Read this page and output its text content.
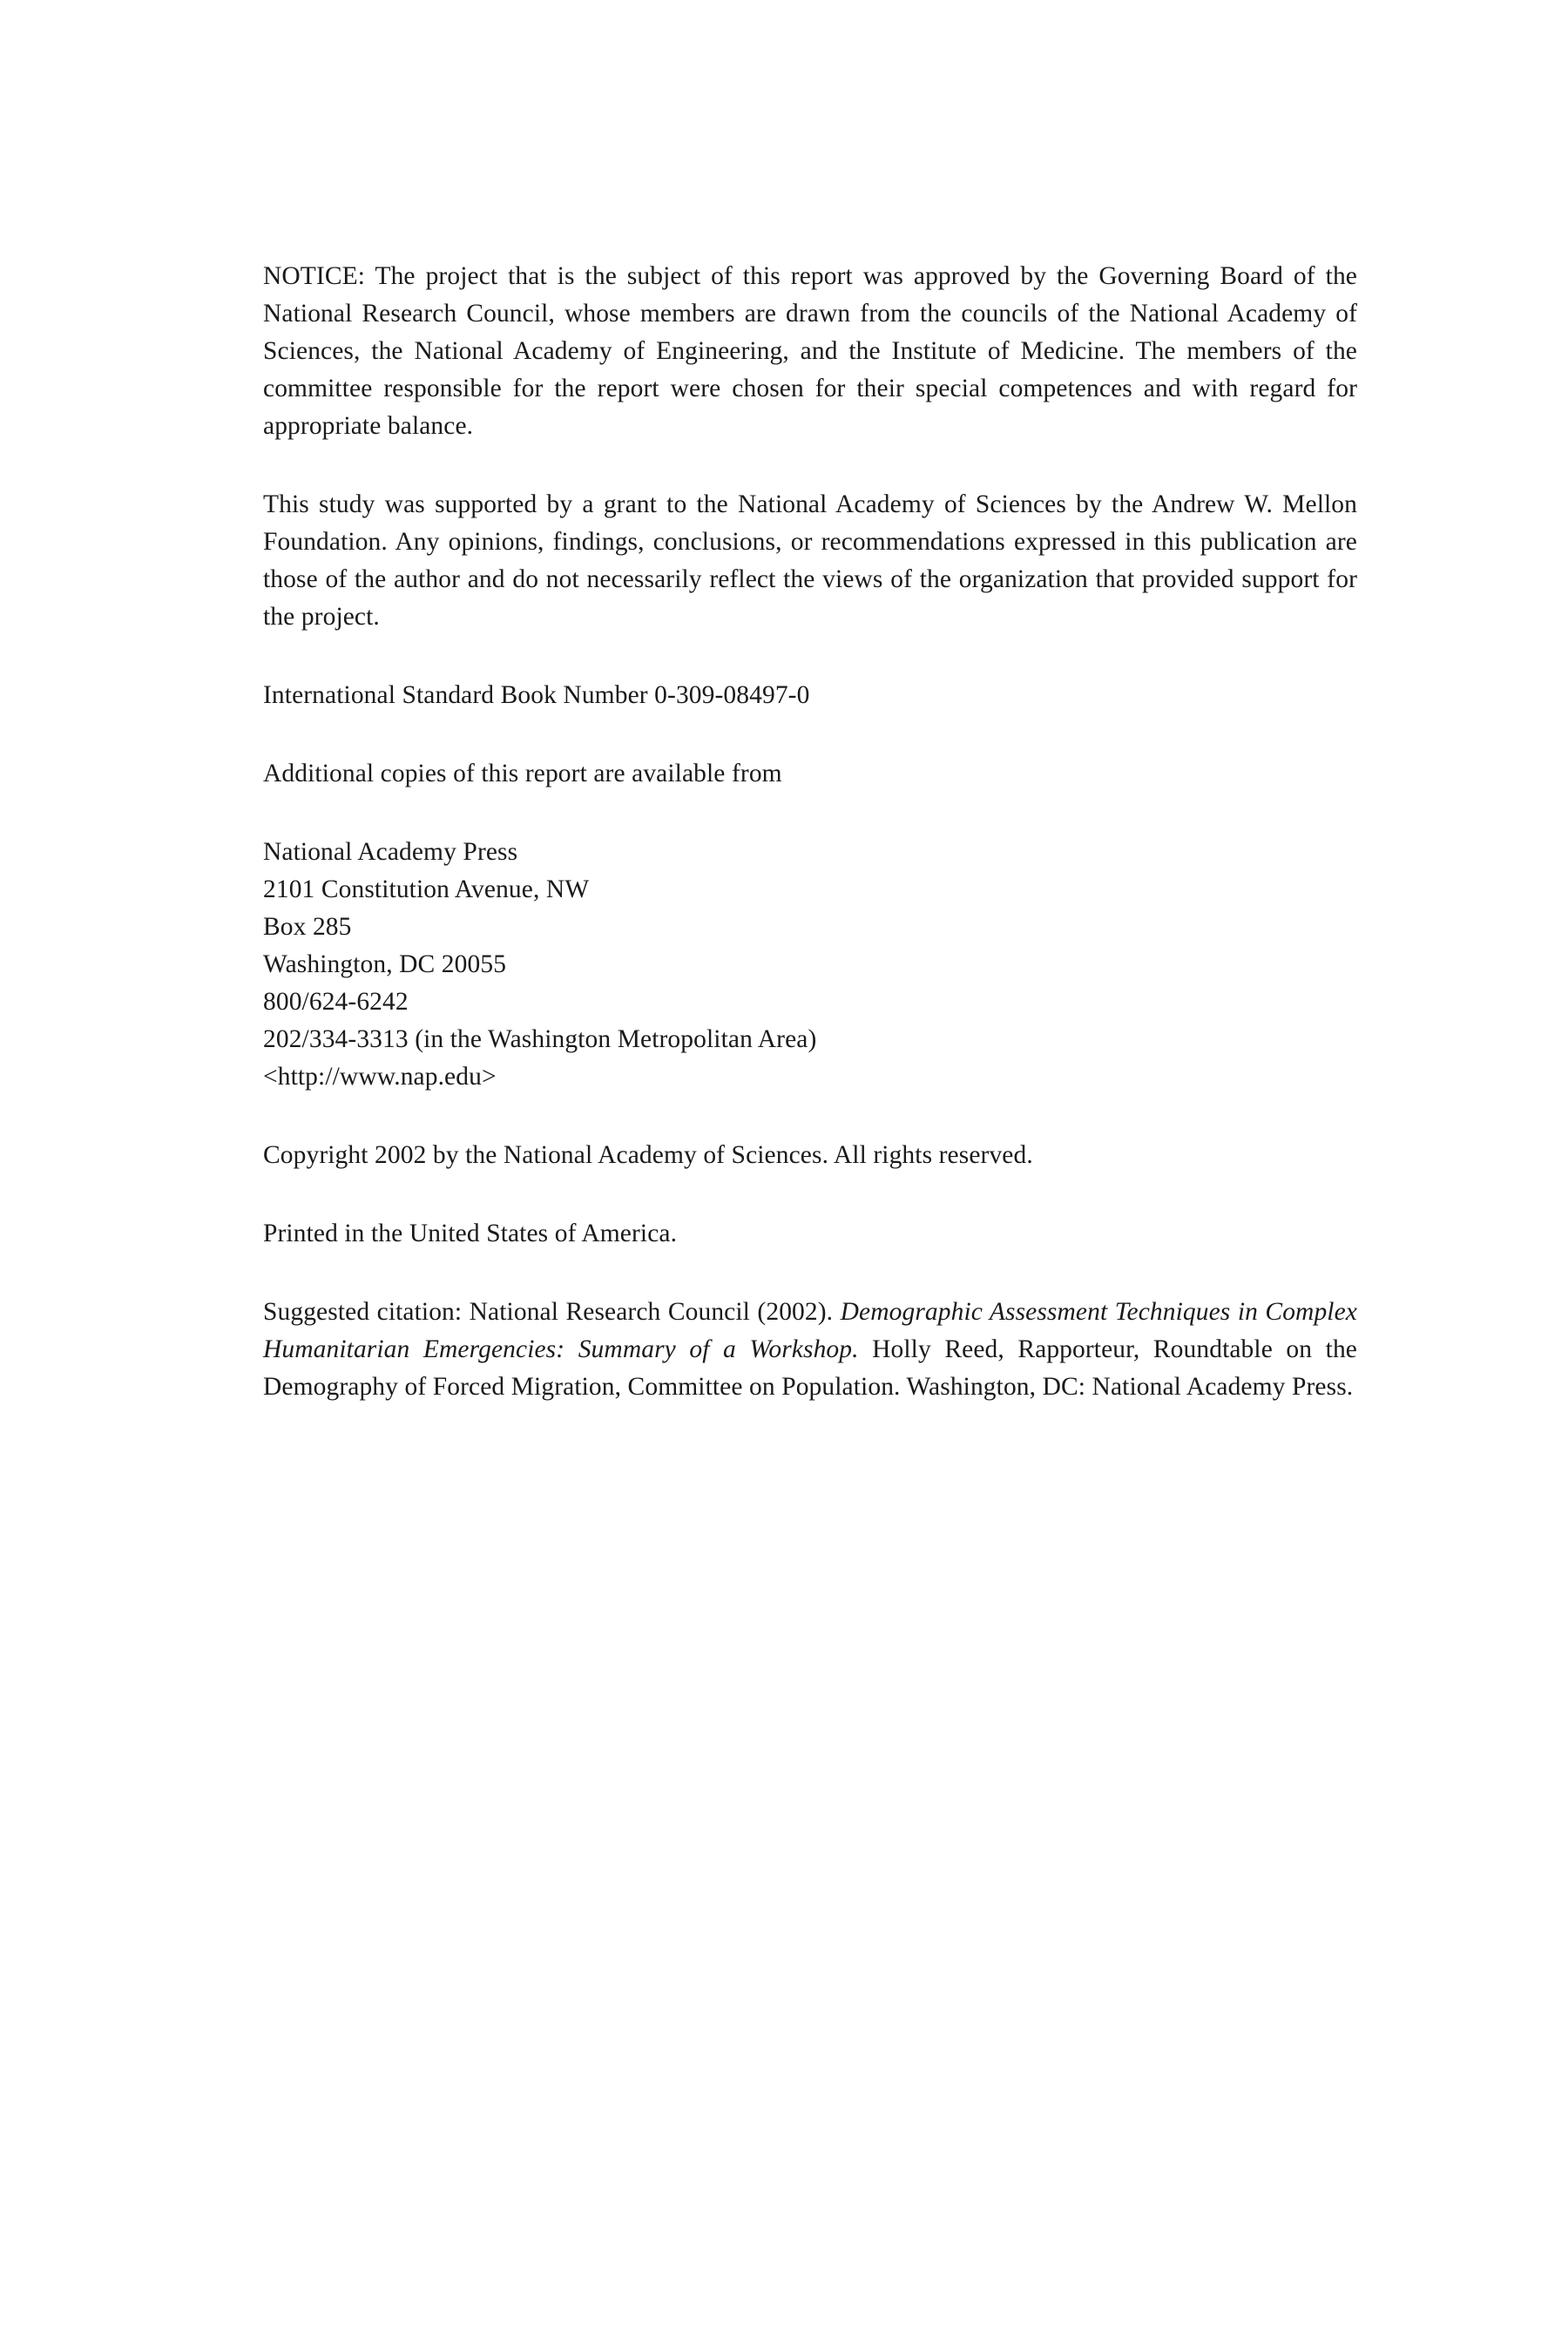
NOTICE: The project that is the subject of this report was approved by the Governing Board of the National Research Council, whose members are drawn from the councils of the National Academy of Sciences, the National Academy of Engineering, and the Institute of Medicine. The members of the committee responsible for the report were chosen for their special competences and with regard for appropriate balance.

This study was supported by a grant to the National Academy of Sciences by the Andrew W. Mellon Foundation. Any opinions, findings, conclusions, or recommendations expressed in this publication are those of the author and do not necessarily reflect the views of the organization that provided support for the project.

International Standard Book Number 0-309-08497-0

Additional copies of this report are available from

National Academy Press
2101 Constitution Avenue, NW
Box 285
Washington, DC 20055
800/624-6242
202/334-3313 (in the Washington Metropolitan Area)
<http://www.nap.edu>

Copyright 2002 by the National Academy of Sciences. All rights reserved.

Printed in the United States of America.

Suggested citation: National Research Council (2002). Demographic Assessment Techniques in Complex Humanitarian Emergencies: Summary of a Workshop. Holly Reed, Rapporteur, Roundtable on the Demography of Forced Migration, Committee on Population. Washington, DC: National Academy Press.
